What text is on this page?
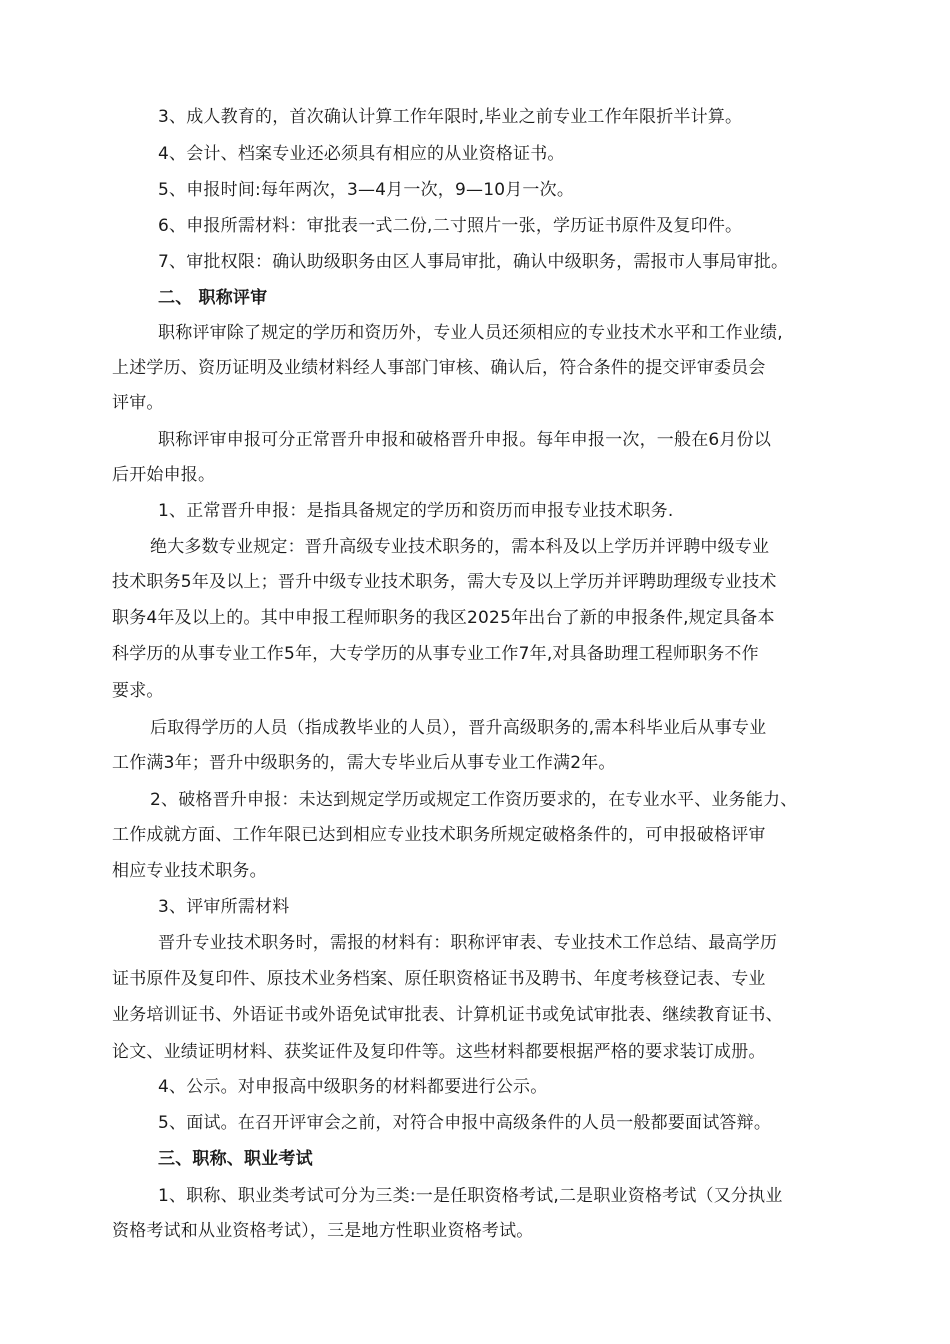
3、成人教育的，首次确认计算工作年限时,毕业之前专业工作年限折半计算。
4、会计、档案专业还必须具有相应的从业资格证书。
5、申报时间:每年两次，3—4月一次，9—10月一次。
6、申报所需材料：审批表一式二份,二寸照片一张，学历证书原件及复印件。
7、审批权限：确认助级职务由区人事局审批，确认中级职务，需报市人事局审批。
二、 职称评审
职称评审除了规定的学历和资历外，专业人员还须相应的专业技术水平和工作业绩,
上述学历、资历证明及业绩材料经人事部门审核、确认后，符合条件的提交评审委员会
评审。
职称评审申报可分正常晋升申报和破格晋升申报。每年申报一次，一般在6月份以
后开始申报。
1、正常晋升申报：是指具备规定的学历和资历而申报专业技术职务.
绝大多数专业规定：晋升高级专业技术职务的，需本科及以上学历并评聘中级专业
技术职务5年及以上；晋升中级专业技术职务，需大专及以上学历并评聘助理级专业技术
职务4年及以上的。其中申报工程师职务的我区2025年出台了新的申报条件,规定具备本
科学历的从事专业工作5年，大专学历的从事专业工作7年,对具备助理工程师职务不作
要求。
后取得学历的人员（指成教毕业的人员），晋升高级职务的,需本科毕业后从事专业
工作满3年；晋升中级职务的，需大专毕业后从事专业工作满2年。
2、破格晋升申报：未达到规定学历或规定工作资历要求的，在专业水平、业务能力、
工作成就方面、工作年限已达到相应专业技术职务所规定破格条件的，可申报破格评审
相应专业技术职务。
3、评审所需材料
晋升专业技术职务时，需报的材料有：职称评审表、专业技术工作总结、最高学历
证书原件及复印件、原技术业务档案、原任职资格证书及聘书、年度考核登记表、专业
业务培训证书、外语证书或外语免试审批表、计算机证书或免试审批表、继续教育证书、
论文、业绩证明材料、获奖证件及复印件等。这些材料都要根据严格的要求装订成册。
4、公示。对申报高中级职务的材料都要进行公示。
5、面试。在召开评审会之前，对符合申报中高级条件的人员一般都要面试答辩。
三、职称、职业考试
1、职称、职业类考试可分为三类:一是任职资格考试,二是职业资格考试（又分执业
资格考试和从业资格考试），三是地方性职业资格考试。
